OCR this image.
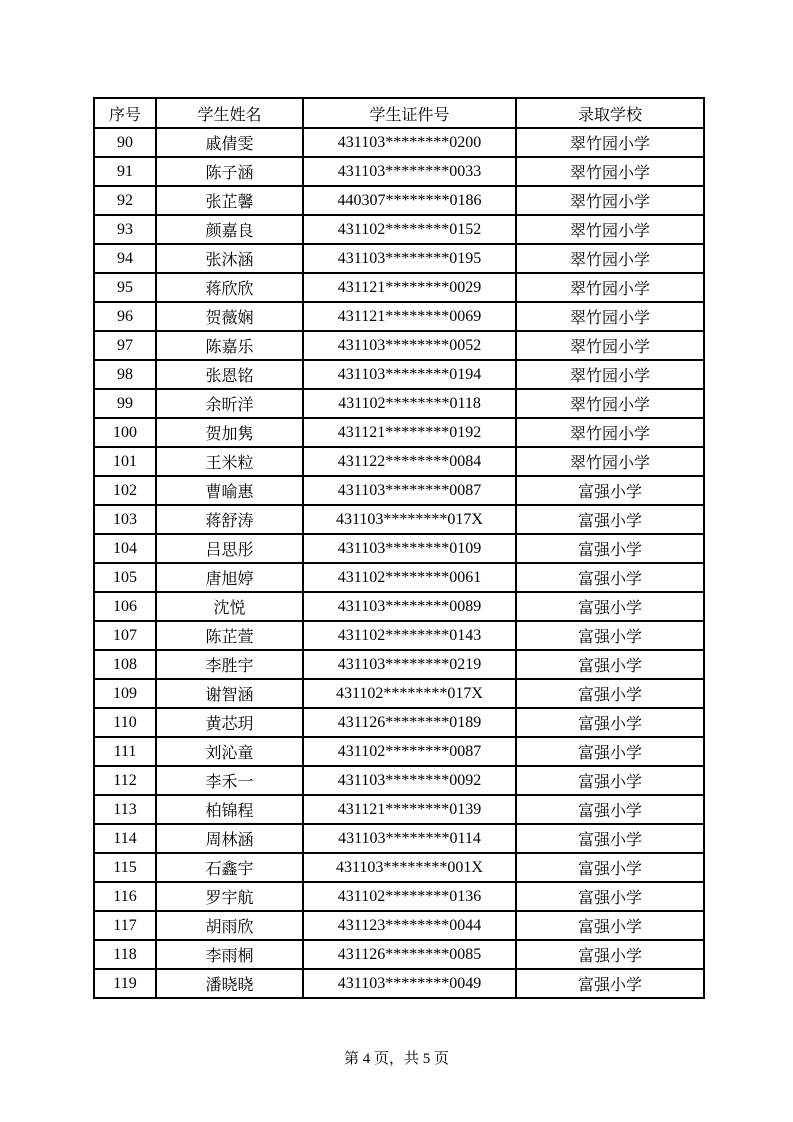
序号	学生姓名	学生证件号	录取学校
90	戚倩雯	431103********0200	翠竹园小学
91	陈子涵	431103********0033	翠竹园小学
92	张芷馨	440307********0186	翠竹园小学
93	颜嘉良	431102********0152	翠竹园小学
94	张沐涵	431103********0195	翠竹园小学
95	蒋欣欣	431121********0029	翠竹园小学
96	贺薇娴	431121********0069	翠竹园小学
97	陈嘉乐	431103********0052	翠竹园小学
98	张恩铭	431103********0194	翠竹园小学
99	余昕洋	431102********0118	翠竹园小学
100	贺加隽	431121********0192	翠竹园小学
101	王米粒	431122********0084	翠竹园小学
102	曹喻惠	431103********0087	富强小学
103	蒋舒涛	431103********017X	富强小学
104	吕思彤	431103********0109	富强小学
105	唐旭婷	431102********0061	富强小学
106	沈悦	431103********0089	富强小学
107	陈芷萱	431102********0143	富强小学
108	李胜宇	431103********0219	富强小学
109	谢智涵	431102********017X	富强小学
110	黄芯玥	431126********0189	富强小学
111	刘沁童	431102********0087	富强小学
112	李禾一	431103********0092	富强小学
113	柏锦程	431121********0139	富强小学
114	周林涵	431103********0114	富强小学
115	石鑫宇	431103********001X	富强小学
116	罗宇航	431102********0136	富强小学
117	胡雨欣	431123********0044	富强小学
118	李雨桐	431126********0085	富强小学
119	潘晓晓	431103********0049	富强小学
第 4 页，共 5 页
